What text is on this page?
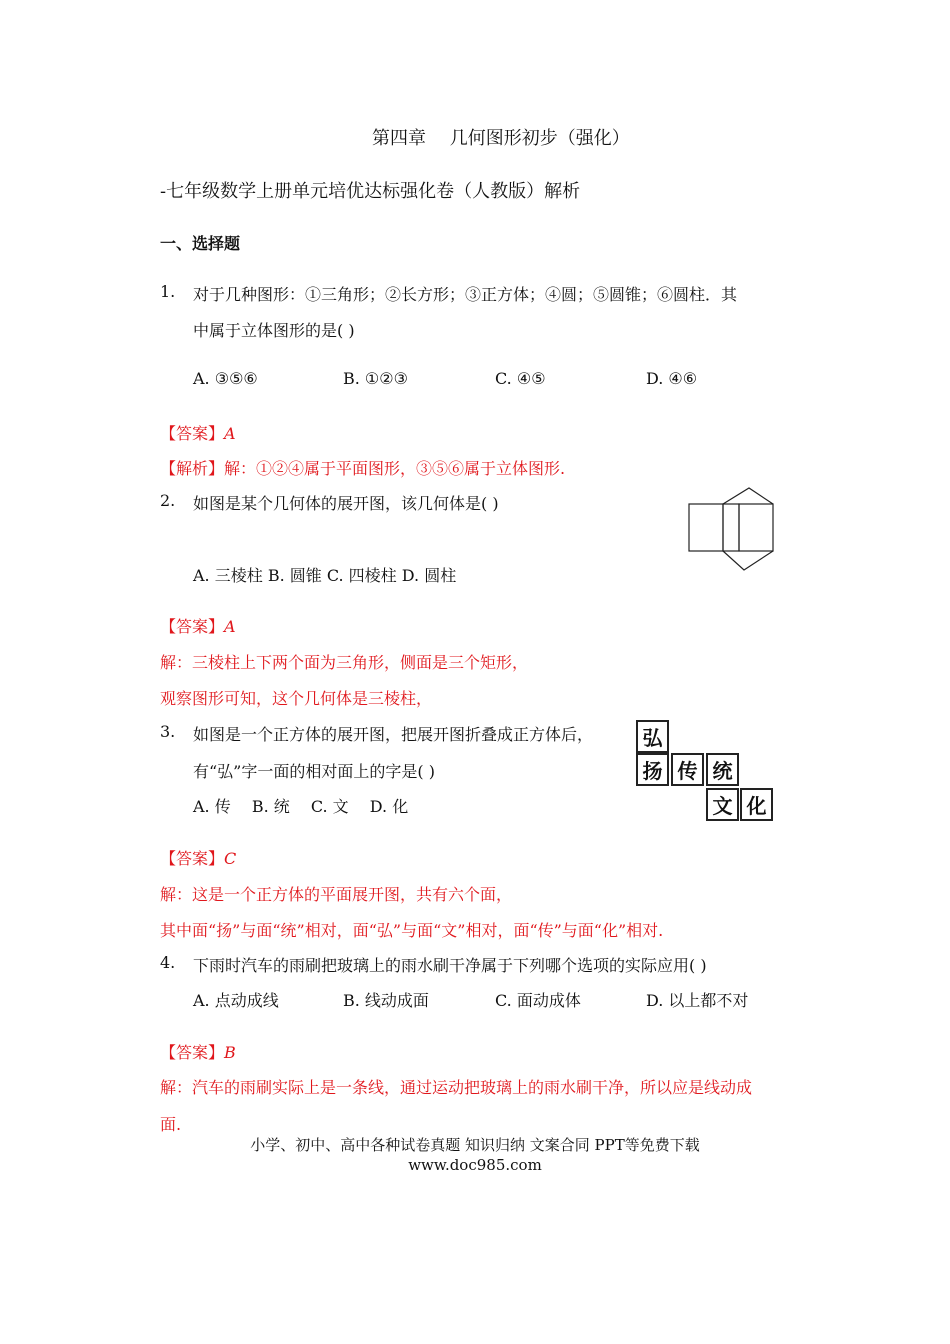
第四章　 几何图形初步（强化）
-七年级数学上册单元培优达标强化卷（人教版）解析
一、选择题
1. 对于几种图形：①三角形；②长方形；③正方体；④圆；⑤圆锥；⑥圆柱．其
中属于立体图形的是( )
A. ③⑤⑥	B. ①②③	C. ④⑤	D. ④⑥
【答案】A
【解析】解：①②④属于平面图形，③⑤⑥属于立体图形.
2. 如图是某个几何体的展开图，该几何体是( )
A. 三棱柱 B. 圆锥 C. 四棱柱 D. 圆柱
【答案】A
解：三棱柱上下两个面为三角形，侧面是三个矩形，
观察图形可知，这个几何体是三棱柱，
3. 如图是一个正方体的展开图，把展开图折叠成正方体后，
有“弘”字一面的相对面上的字是( )
A. 传　 B. 统　 C. 文　 D. 化
弘
扬 传 统
文 化
【答案】C
解：这是一个正方体的平面展开图，共有六个面，
其中面“扬”与面“统”相对，面“弘”与面“文”相对，面“传”与面“化”相对.
4. 下雨时汽车的雨刷把玻璃上的雨水刷干净属于下列哪个选项的实际应用( )
A. 点动成线	B. 线动成面	C. 面动成体	D. 以上都不对
【答案】B
解：汽车的雨刷实际上是一条线，通过运动把玻璃上的雨水刷干净，所以应是线动成
面.
小学、初中、高中各种试卷真题 知识归纳 文案合同 PPT等免费下载
www.doc985.com
